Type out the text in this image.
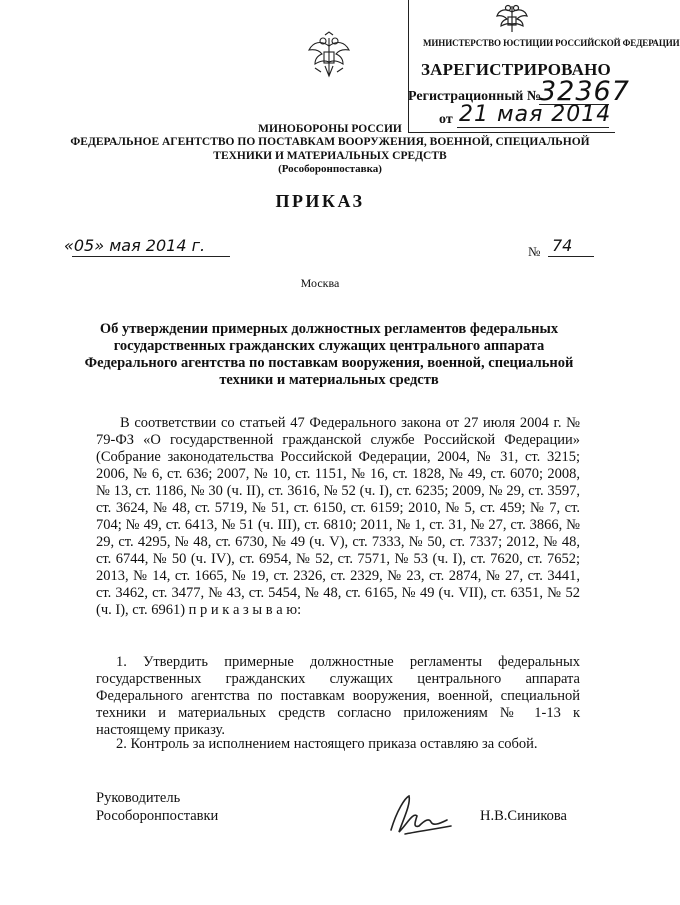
МИНИСТЕРСТВО ЮСТИЦИИ РОССИЙСКОЙ ФЕДЕРАЦИИ
ЗАРЕГИСТРИРОВАНО
Регистрационный №
32367
от 21 мая 2014
МИНОБОРОНЫ РОССИИ
ФЕДЕРАЛЬНОЕ АГЕНТСТВО ПО ПОСТАВКАМ ВООРУЖЕНИЯ, ВОЕННОЙ, СПЕЦИАЛЬНОЙ ТЕХНИКИ И МАТЕРИАЛЬНЫХ СРЕДСТВ
(Рособоронпоставка)
ПРИКАЗ
«05» мая 2014 г.	№ 74
Москва
Об утверждении примерных должностных регламентов федеральных государственных гражданских служащих центрального аппарата Федерального агентства по поставкам вооружения, военной, специальной техники и материальных средств
В соответствии со статьей 47 Федерального закона от 27 июля 2004 г. № 79-ФЗ «О государственной гражданской службе Российской Федерации» (Собрание законодательства Российской Федерации, 2004, № 31, ст. 3215; 2006, № 6, ст. 636; 2007, № 10, ст. 1151, № 16, ст. 1828, № 49, ст. 6070; 2008, № 13, ст. 1186, № 30 (ч. II), ст. 3616, № 52 (ч. I), ст. 6235; 2009, № 29, ст. 3597, ст. 3624, № 48, ст. 5719, № 51, ст. 6150, ст. 6159; 2010, № 5, ст. 459; № 7, ст. 704; № 49, ст. 6413, № 51 (ч. III), ст. 6810; 2011, № 1, ст. 31, № 27, ст. 3866, № 29, ст. 4295, № 48, ст. 6730, № 49 (ч. V), ст. 7333, № 50, ст. 7337; 2012, № 48, ст. 6744, № 50 (ч. IV), ст. 6954, № 52, ст. 7571, № 53 (ч. I), ст. 7620, ст. 7652; 2013, № 14, ст. 1665, № 19, ст. 2326, ст. 2329, № 23, ст. 2874, № 27, ст. 3441, ст. 3462, ст. 3477, № 43, ст. 5454, № 48, ст. 6165, № 49 (ч. VII), ст. 6351, № 52 (ч. I), ст. 6961) п р и к а з ы в а ю:
1. Утвердить примерные должностные регламенты федеральных государственных гражданских служащих центрального аппарата Федерального агентства по поставкам вооружения, военной, специальной техники и материальных средств согласно приложениям № 1-13 к настоящему приказу.
2. Контроль за исполнением настоящего приказа оставляю за собой.
Руководитель
Рособоронпоставки	Н.В.Синикова
